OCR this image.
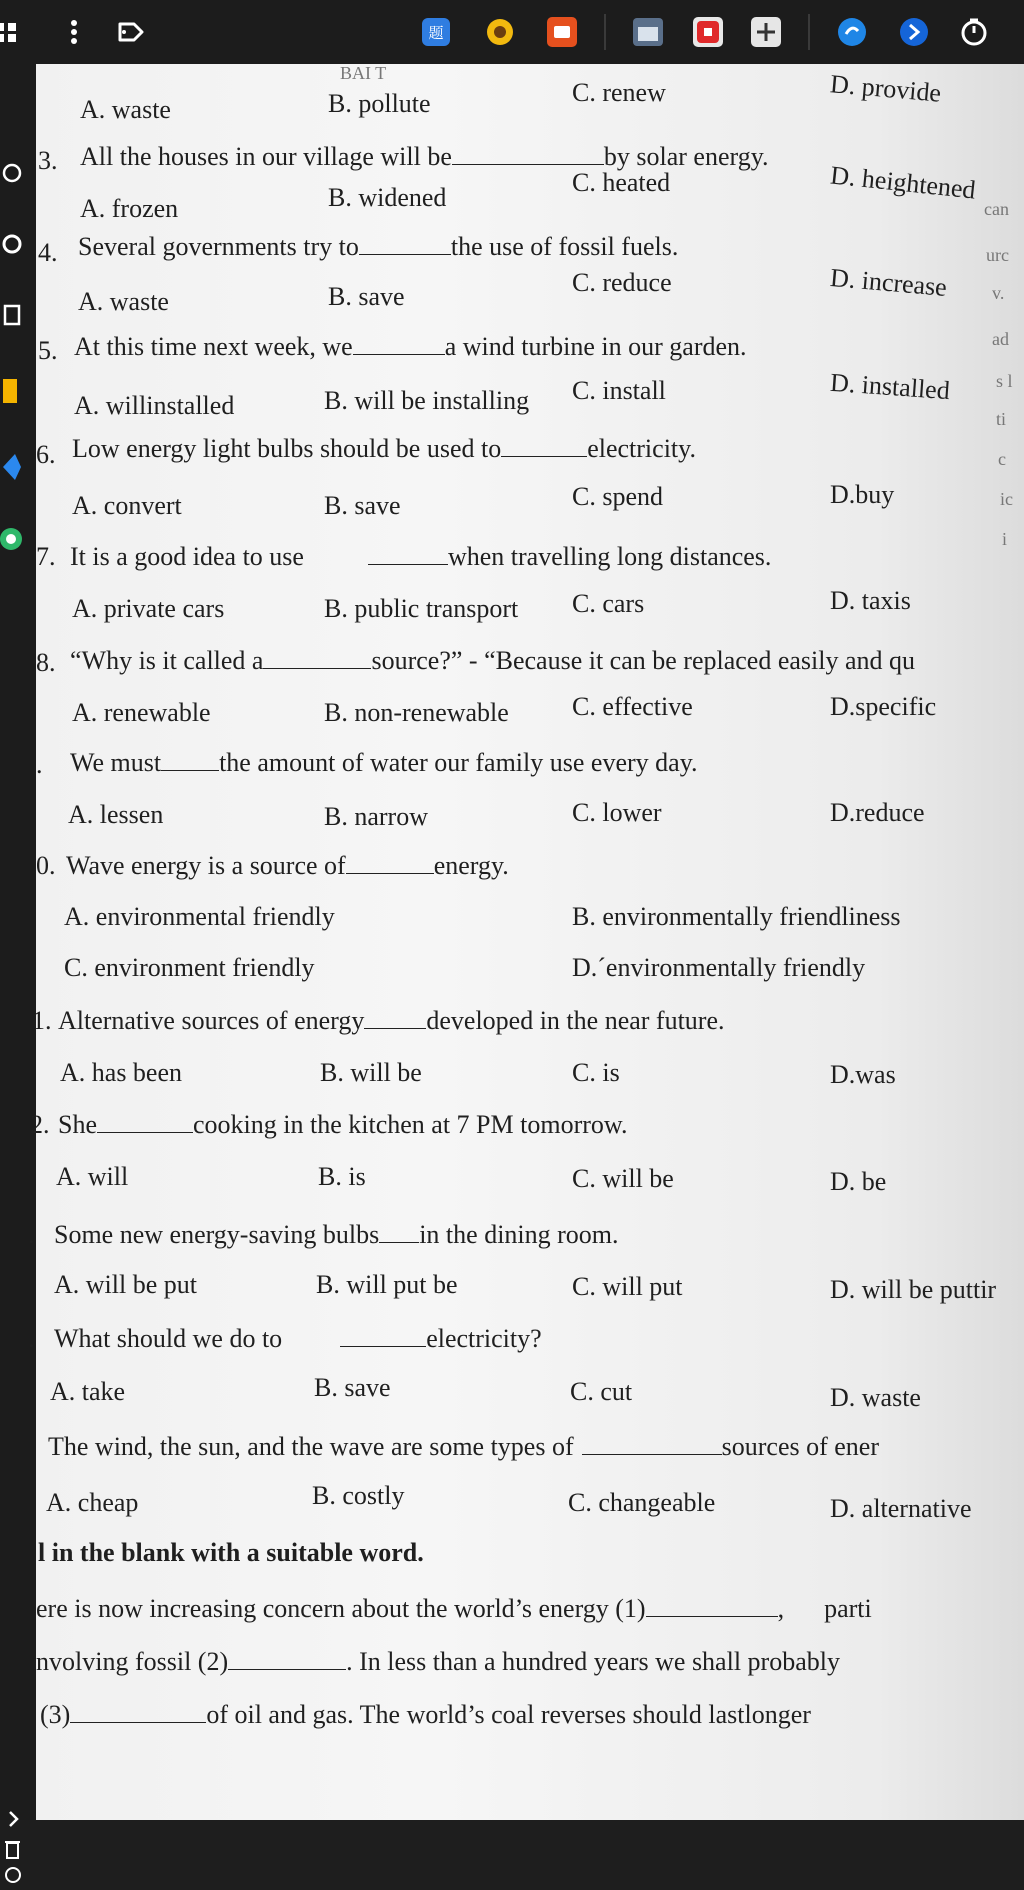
题
BAI T
A. waste	B. pollute	C. renew	D. provide
3. All the houses in our village will be	by solar energy.
A. frozen	B. widened
C. heated	D. heightened
4. Several governments try to	the use of fossil fuels.
A. waste	B. save	C. reduce	D. increase
5. At this time next week, we	a wind turbine in our garden.
A. willinstalled	B. will be installing C. install	D. installed
6. Low energy light bulbs should be used to	electricity.
A. convert	B. save	C. spend	D.buy
7. It is a good idea to use	when travelling long distances.
A. private cars	B. public transport C. cars	D. taxis
8. “Why is it called a	source?” - “Because it can be replaced easily and qu
A. renewable	B. non-renewable C. effective	D.specific
. We must the amount of water our family use every day.
A. lessen	B. narrow	C. lower	D.reduce
0. Wave energy is a source of	energy.
A. environmental friendly	B. environmentally friendliness
C. environment friendly	D.´environmentally friendly
1. Alternative sources of energy developed in the near future.
A. has been	B. will be	C. is	D.was
2. She	cooking in the kitchen at 7 PM tomorrow.
A. will	B. is	C. will be	D. be
. Some new energy-saving bulbs in the dining room.
A. will be put	B. will put be	C. will put	D. will be puttir
. What should we do to	electricity?
A. take	B. save	C. cut	D. waste
The wind, the sun, and the wave are some types of	sources of ener
A. cheap	B. costly	C. changeable	D. alternative
l in the blank with a suitable word.
ere is now increasing concern about the world’s energy (1)	, parti
nvolving fossil (2)	. In less than a hundred years we shall probably
(3)	of oil and gas. The world’s coal reverses should lastlonger
can
urc
v.
ad
s l
ti
c
ic
i
